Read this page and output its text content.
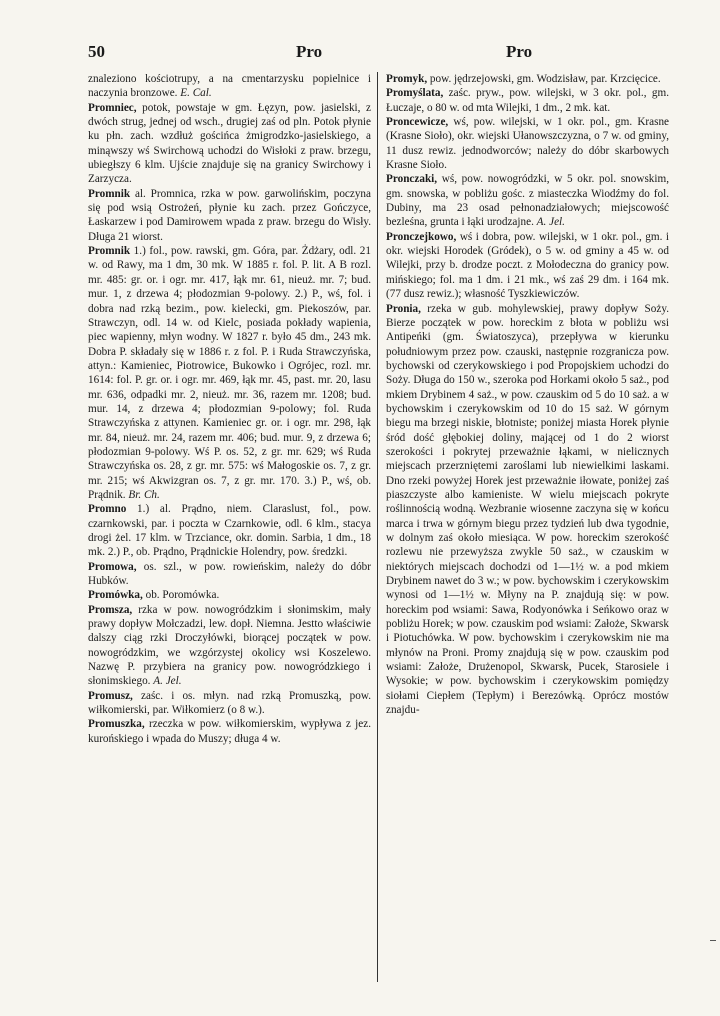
50	Pro	Pro

znaleziono kościotrupy, a na cmentarzysku popielnice i naczynia bronzowe. E. Cal.

Promniec, potok, powstaje w gm. Łęzyn, pow. jasielski, z dwóch strug, jednej od wsch., drugiej zaś od pln. Potok płynie ku płn. zach. wzdłuż gościńca żmigrodzko-jasielskiego, a minąwszy wś Swirchową uchodzi do Wisłoki z praw. brzegu, ubiegłszy 6 klm. Ujście znajduje się na granicy Swirchowy i Zarzycza.

Promnik al. Promnica, rzka w pow. garwolińskim, poczyna się pod wsią Ostrożeń, płynie ku zach. przez Gończyce, Łaskarzew i pod Damirowem wpada z praw. brzegu do Wisły. Długa 21 wiorst.

Promnik 1.) fol., pow. rawski, gm. Góra, par. Żdżary, odl. 21 w. od Rawy, ma 1 dm, 30 mk. W 1885 r. fol. P. lit. A B rozl. mr. 485: gr. or. i ogr. mr. 417, łąk mr. 61, nieuż. mr. 7; bud. mur. 1, z drzewa 4; płodozmian 9-polowy. 2.) P., wś, fol. i dobra nad rzką bezim., pow. kielecki, gm. Piekoszów, par. Strawczyn, odl. 14 w. od Kielc, posiada pokłady wapienia, piec wapienny, młyn wodny. W 1827 r. było 45 dm., 243 mk. Dobra P. składały się w 1886 r. z fol. P. i Ruda Strawczyńska, attyn.: Kamieniec, Piotrowice, Bukowko i Ogrójec, rozl. mr. 1614: fol. P. gr. or. i ogr. mr. 469, łąk mr. 45, past. mr. 20, lasu mr. 636, odpadki mr. 2, nieuż. mr. 36, razem mr. 1208; bud. mur. 14, z drzewa 4; płodozmian 9-polowy; fol. Ruda Strawczyńska z attynen. Kamieniec gr. or. i ogr. mr. 298, łąk mr. 84, nieuż. mr. 24, razem mr. 406; bud. mur. 9, z drzewa 6; płodozmian 9-polowy. Wś P. os. 52, z gr. mr. 629; wś Ruda Strawczyńska os. 28, z gr. mr. 575: wś Małogoskie os. 7, z gr. mr. 215; wś Akwizgran os. 7, z gr. mr. 170. 3.) P., wś, ob. Prądnik. Br. Ch.

Promno 1.) al. Prądno, niem. Claraslust, fol., pow. czarnkowski, par. i poczta w Czarnkowie, odl. 6 klm., stacya drogi żel. 17 klm. w Trzciance, okr. domin. Sarbia, 1 dm., 18 mk. 2.) P., ob. Prądno, Prądnickie Holendry, pow. średzki.

Promowa, os. szl., w pow. rowieńskim, należy do dóbr Hubków.

Promówka, ob. Poromówka.

Promsza, rzka w pow. nowogródzkim i słonimskim, mały prawy dopływ Mołczadzi, lew. dopł. Niemna. Jestto właściwie dalszy ciąg rzki Droczyłówki, biorącej początek w pow. nowogródzkim, we wzgórzystej okolicy wsi Koszelewo. Nazwę P. przybiera na granicy pow. nowogródzkiego i słonimskiego. A. Jel.

Promusz, zaśc. i os. młyn. nad rzką Promuszką, pow. wiłkomierski, par. Wiłkomierz (o 8 w.).

Promuszka, rzeczka w pow. wiłkomierskim, wypływa z jez. kurońskiego i wpada do Muszy; długa 4 w.

Promyk, pow. jędrzejowski, gm. Wodzisław, par. Krzcięcice.

Promyślata, zaśc. pryw., pow. wilejski, w 3 okr. pol., gm. Łuczaje, o 80 w. od mta Wilejki, 1 dm., 2 mk. kat.

Proncewicze, wś, pow. wilejski, w 1 okr. pol., gm. Krasne (Krasne Sioło), okr. wiejski Ułanowszczyzna, o 7 w. od gminy, 11 dusz rewiz. jednodworców; należy do dóbr skarbowych Krasne Sioło.

Pronczaki, wś, pow. nowogródzki, w 5 okr. pol. snowskim, gm. snowska, w pobliżu gośc. z miasteczka Wiodźmy do fol. Dubiny, ma 23 osad pełnonadziałowych; miejscowość bezleśna, grunta i łąki urodzajne. A. Jel.

Pronczejkowo, wś i dobra, pow. wilejski, w 1 okr. pol., gm. i okr. wiejski Horodek (Gródek), o 5 w. od gminy a 45 w. od Wilejki, przy b. drodze poczt. z Mołodeczna do granicy pow. mińskiego; fol. ma 1 dm. i 21 mk., wś zaś 29 dm. i 164 mk. (77 dusz rewiz.); własność Tyszkiewiczów.

Pronia, rzeka w gub. mohylewskiej, prawy dopływ Soży. Bierze początek w pow. horeckim z błota w pobliżu wsi Antipeńki (gm. Światoszyca), przepływa w kierunku południowym przez pow. czauski, następnie rozgranicza pow. bychowski od czerykowskiego i pod Propojskiem uchodzi do Soży. Długa do 150 w., szeroka pod Horkami około 5 saż., pod mkiem Drybinem 4 saż., w pow. czauskim od 5 do 10 saż. a w bychowskim i czerykowskim od 10 do 15 saż. W górnym biegu ma brzegi niskie, błotniste; poniżej miasta Horek płynie śród dość głębokiej doliny, mającej od 1 do 2 wiorst szerokości i pokrytej przeważnie łąkami, w nielicznych miejscach przerzniętemi zaroślami lub niewielkimi laskami. Dno rzeki powyżej Horek jest przeważnie iłowate, poniżej zaś piaszczyste albo kamieniste. W wielu miejscach pokryte roślinnością wodną. Wezbranie wiosenne zaczyna się w końcu marca i trwa w górnym biegu przez tydzień lub dwa tygodnie, w dolnym zaś około miesiąca. W pow. horeckim szerokość rozlewu nie przewyższa zwykle 50 saż., w czauskim w niektórych miejscach dochodzi od 1—1½ w. a pod mkiem Drybinem nawet do 3 w.; w pow. bychowskim i czerykowskim wynosi od 1—1½ w. Młyny na P. znajdują się: w pow. horeckim pod wsiami: Sawa, Rodyonówka i Seńkowo oraz w pobliżu Horek; w pow. czauskim pod wsiami: Założe, Skwarsk i Piotuchówka. W pow. bychowskim i czerykowskim nie ma młynów na Proni. Promy znajdują się w pow. czauskim pod wsiami: Założe, Drużenopol, Skwarsk, Pucek, Starosiele i Wysokie; w pow. bychowskim i czerykowskim pomiędzy siołami Ciepłem (Tepłym) i Berezówką. Oprócz mostów znajdu-
